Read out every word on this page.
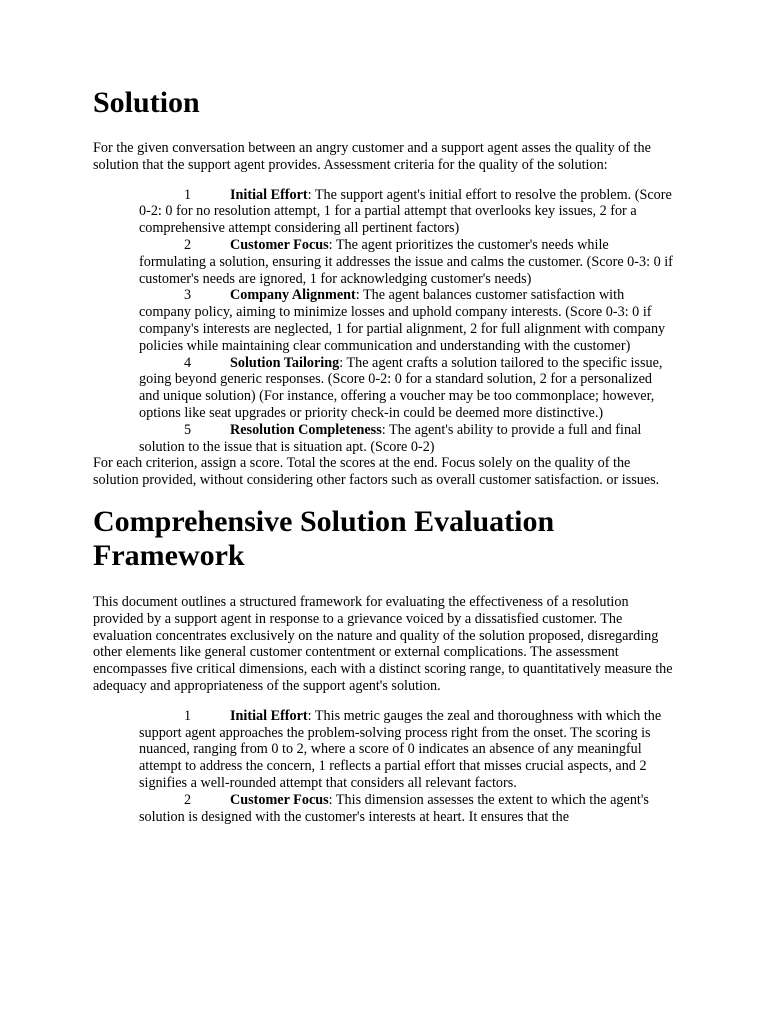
Solution

For the given conversation between an angry customer and a support agent asses the quality of the solution that the support agent provides. Assessment criteria for the quality of the solution:

1	Initial Effort: The support agent's initial effort to resolve the problem. (Score 0-2: 0 for no resolution attempt, 1 for a partial attempt that overlooks key issues, 2 for a comprehensive attempt considering all pertinent factors)
2	Customer Focus: The agent prioritizes the customer's needs while formulating a solution, ensuring it addresses the issue and calms the customer. (Score 0-3: 0 if customer's needs are ignored, 1 for acknowledging customer's needs)
3	Company Alignment: The agent balances customer satisfaction with company policy, aiming to minimize losses and uphold company interests. (Score 0-3: 0 if company's interests are neglected, 1 for partial alignment, 2 for full alignment with company policies while maintaining clear communication and understanding with the customer)
4	Solution Tailoring: The agent crafts a solution tailored to the specific issue, going beyond generic responses. (Score 0-2: 0 for a standard solution, 2 for a personalized and unique solution) (For instance, offering a voucher may be too commonplace; however, options like seat upgrades or priority check-in could be deemed more distinctive.)
5	Resolution Completeness: The agent's ability to provide a full and final solution to the issue that is situation apt. (Score 0-2)

For each criterion, assign a score. Total the scores at the end. Focus solely on the quality of the solution provided, without considering other factors such as overall customer satisfaction. or issues.

Comprehensive Solution Evaluation Framework

This document outlines a structured framework for evaluating the effectiveness of a resolution provided by a support agent in response to a grievance voiced by a dissatisfied customer. The evaluation concentrates exclusively on the nature and quality of the solution proposed, disregarding other elements like general customer contentment or external complications. The assessment encompasses five critical dimensions, each with a distinct scoring range, to quantitatively measure the adequacy and appropriateness of the support agent's solution.

1	Initial Effort: This metric gauges the zeal and thoroughness with which the support agent approaches the problem-solving process right from the onset. The scoring is nuanced, ranging from 0 to 2, where a score of 0 indicates an absence of any meaningful attempt to address the concern, 1 reflects a partial effort that misses crucial aspects, and 2 signifies a well-rounded attempt that considers all relevant factors.
2	Customer Focus: This dimension assesses the extent to which the agent's solution is designed with the customer's interests at heart. It ensures that the
